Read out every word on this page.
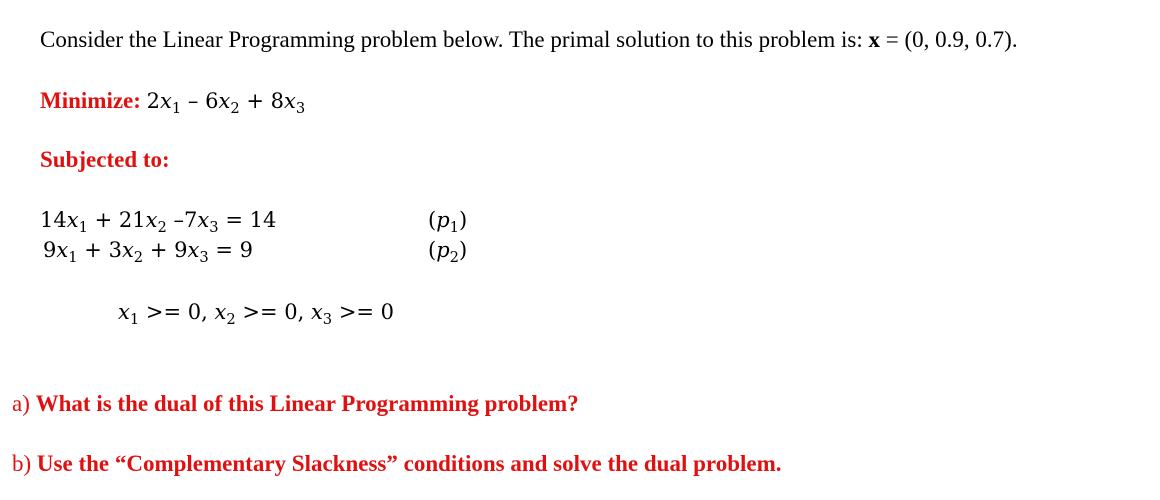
Consider the Linear Programming problem below. The primal solution to this problem is: x = (0, 0.9, 0.7).
Minimize: $2x_1 - 6x_2 + 8x_3$
Subjected to:
$14x_1 + 21x_2$ $-7x_3 = 14$	$(p_1)$
$9x_1 + 3x_2 + 9x_3 = 9$	$(p_2)$
$x_1 >= 0$, $x_2 >= 0$, $x_3 >= 0$
a) What is the dual of this Linear Programming problem?
b) Use the “Complementary Slackness” conditions and solve the dual problem.
